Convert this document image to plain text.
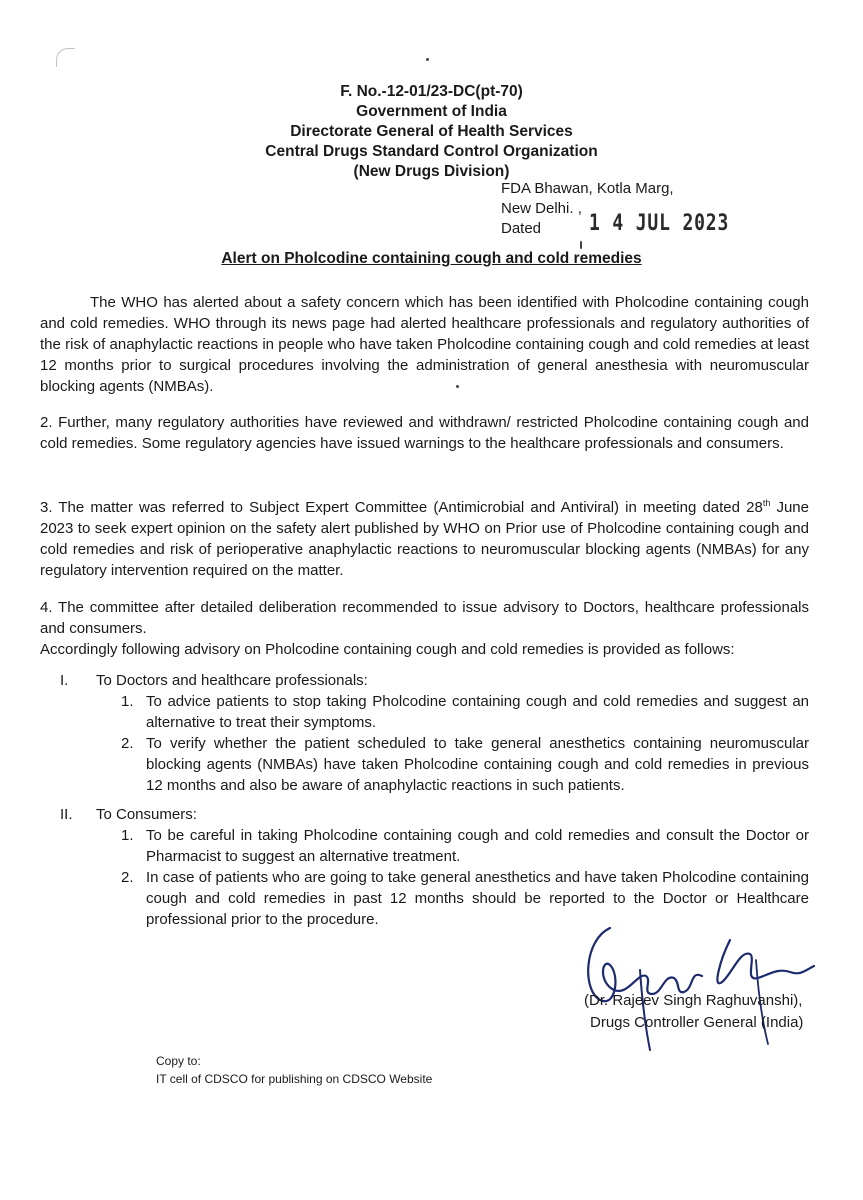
F. No.-12-01/23-DC(pt-70)
Government of India
Directorate General of Health Services
Central Drugs Standard Control Organization
(New Drugs Division)
FDA Bhawan, Kotla Marg,
New Delhi. ,
Dated 1 4 JUL 2023
Alert on Pholcodine containing cough and cold remedies

The WHO has alerted about a safety concern which has been identified with Pholcodine containing cough and cold remedies. WHO through its news page had alerted healthcare professionals and regulatory authorities of the risk of anaphylactic reactions in people who have taken Pholcodine containing cough and cold remedies at least 12 months prior to surgical procedures involving the administration of general anesthesia with neuromuscular blocking agents (NMBAs).

2. Further, many regulatory authorities have reviewed and withdrawn/ restricted Pholcodine containing cough and cold remedies. Some regulatory agencies have issued warnings to the healthcare professionals and consumers.

3. The matter was referred to Subject Expert Committee (Antimicrobial and Antiviral) in meeting dated 28th June 2023 to seek expert opinion on the safety alert published by WHO on Prior use of Pholcodine containing cough and cold remedies and risk of perioperative anaphylactic reactions to neuromuscular blocking agents (NMBAs) for any regulatory intervention required on the matter.

4. The committee after detailed deliberation recommended to issue advisory to Doctors, healthcare professionals and consumers.

Accordingly following advisory on Pholcodine containing cough and cold remedies is provided as follows:
I. To Doctors and healthcare professionals:
1. To advice patients to stop taking Pholcodine containing cough and cold remedies and suggest an alternative to treat their symptoms.
2. To verify whether the patient scheduled to take general anesthetics containing neuromuscular blocking agents (NMBAs) have taken Pholcodine containing cough and cold remedies in previous 12 months and also be aware of anaphylactic reactions in such patients.
II. To Consumers:
1. To be careful in taking Pholcodine containing cough and cold remedies and consult the Doctor or Pharmacist to suggest an alternative treatment.
2. In case of patients who are going to take general anesthetics and have taken Pholcodine containing cough and cold remedies in past 12 months should be reported to the Doctor or Healthcare professional prior to the procedure.
(Dr. Rajeev Singh Raghuvanshi),
Drugs Controller General (India)
Copy to:
IT cell of CDSCO for publishing on CDSCO Website
